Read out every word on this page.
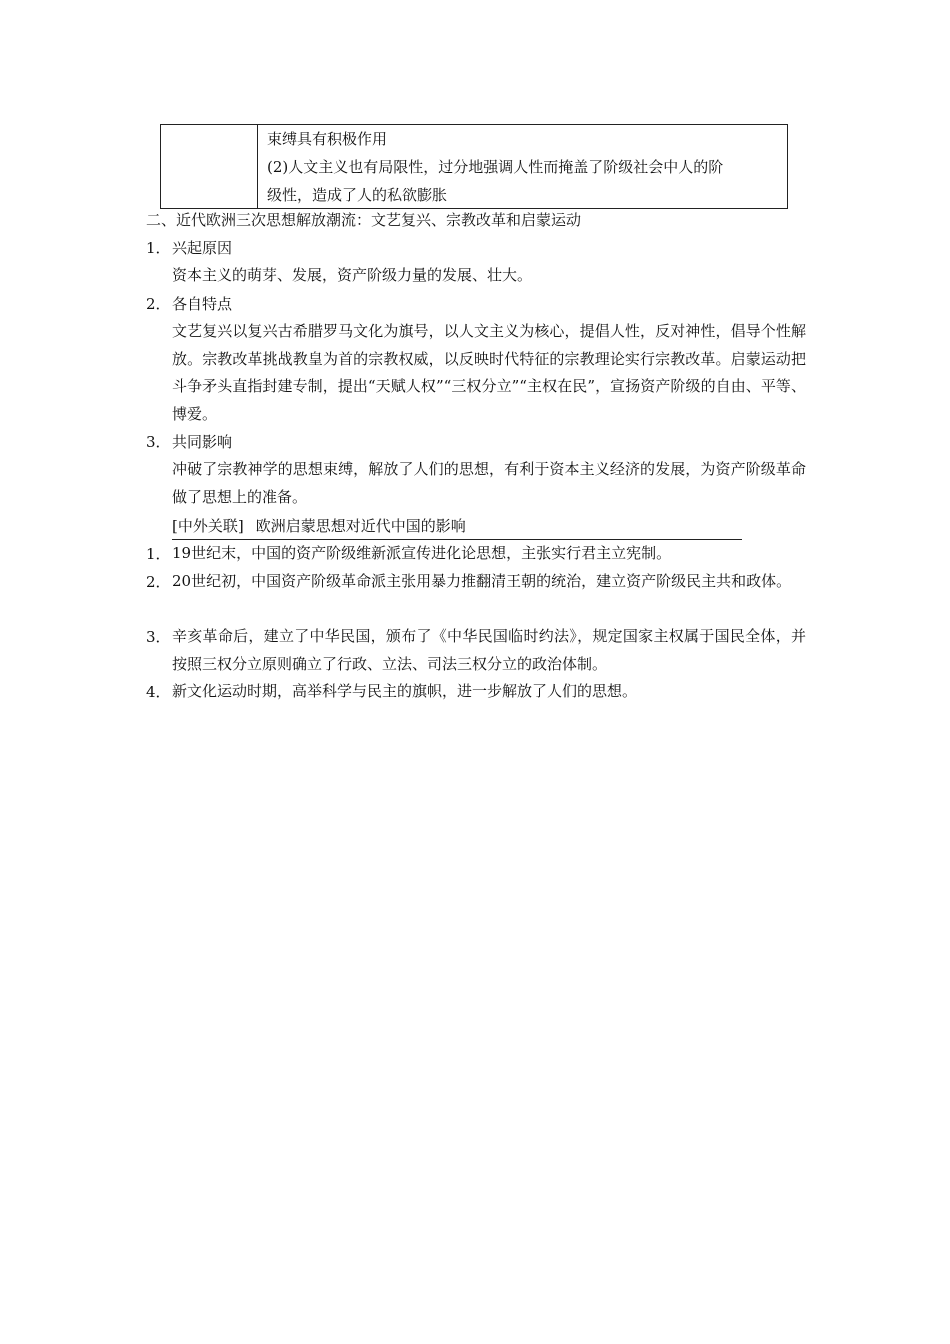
束缚具有积极作用
(2)人文主义也有局限性，过分地强调人性而掩盖了阶级社会中人的阶
级性，造成了人的私欲膨胀
二、近代欧洲三次思想解放潮流：文艺复兴、宗教改革和启蒙运动
1． 兴起原因
资本主义的萌芽、发展，资产阶级力量的发展、壮大。
2． 各自特点
文艺复兴以复兴古希腊罗马文化为旗号，以人文主义为核心，提倡人性，反对神性，倡导个性解放。宗教改革挑战教皇为首的宗教权威，以反映时代特征的宗教理论实行宗教改革。启蒙运动把斗争矛头直指封建专制，提出“天赋人权”“三权分立”“主权在民”，宣扬资产阶级的自由、平等、博爱。
3． 共同影响
冲破了宗教神学的思想束缚，解放了人们的思想，有利于资本主义经济的发展，为资产阶级革命做了思想上的准备。
[中外关联] 欧洲启蒙思想对近代中国的影响
1． 19世纪末，中国的资产阶级维新派宣传进化论思想，主张实行君主立宪制。
2． 20世纪初，中国资产阶级革命派主张用暴力推翻清王朝的统治，建立资产阶级民主共和政体。
3． 辛亥革命后，建立了中华民国，颁布了《中华民国临时约法》，规定国家主权属于国民全体，并按照三权分立原则确立了行政、立法、司法三权分立的政治体制。
4． 新文化运动时期，高举科学与民主的旗帜，进一步解放了人们的思想。
